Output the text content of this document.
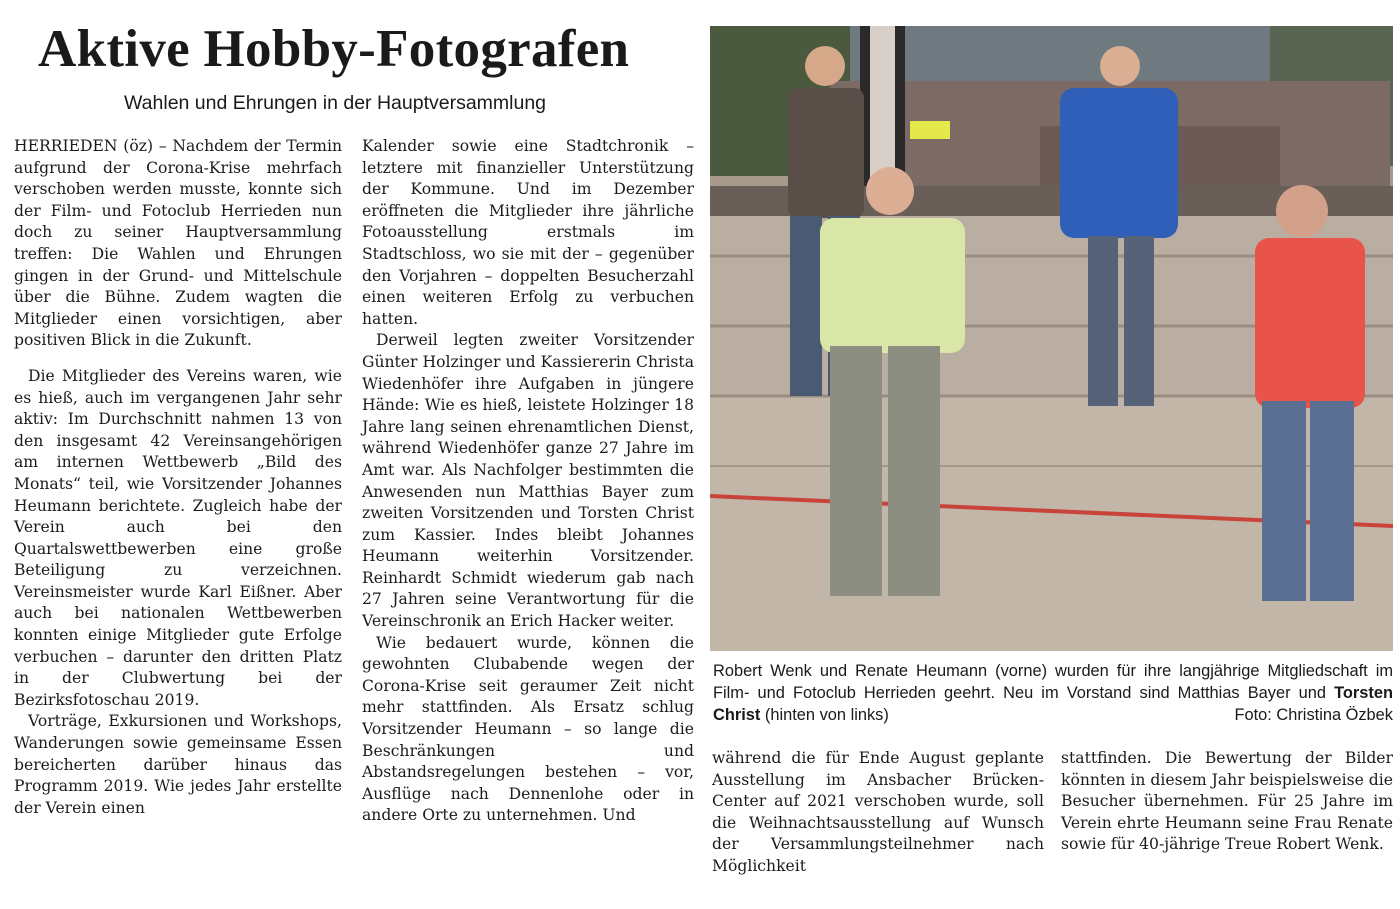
Aktive Hobby-Fotografen
Wahlen und Ehrungen in der Hauptversammlung

HERRIEDEN (öz) – Nachdem der Termin aufgrund der Corona-Krise mehrfach verschoben werden musste, konnte sich der Film- und Fotoclub Herrieden nun doch zu seiner Hauptversammlung treffen: Die Wahlen und Ehrungen gingen in der Grund- und Mittelschule über die Bühne. Zudem wagten die Mitglieder einen vorsichtigen, aber positiven Blick in die Zukunft.

Die Mitglieder des Vereins waren, wie es hieß, auch im vergangenen Jahr sehr aktiv: Im Durchschnitt nahmen 13 von den insgesamt 42 Vereinsangehörigen am internen Wettbewerb „Bild des Monats“ teil, wie Vorsitzender Johannes Heumann berichtete. Zugleich habe der Verein auch bei den Quartalswettbewerben eine große Beteiligung zu verzeichnen. Vereinsmeister wurde Karl Eißner. Aber auch bei nationalen Wettbewerben konnten einige Mitglieder gute Erfolge verbuchen – darunter den dritten Platz in der Clubwertung bei der Bezirksfotoschau 2019.

Vorträge, Exkursionen und Workshops, Wanderungen sowie gemeinsame Essen bereicherten darüber hinaus das Programm 2019. Wie jedes Jahr erstellte der Verein einen

Kalender sowie eine Stadtchronik – letztere mit finanzieller Unterstützung der Kommune. Und im Dezember eröffneten die Mitglieder ihre jährliche Fotoausstellung erstmals im Stadtschloss, wo sie mit der – gegenüber den Vorjahren – doppelten Besucherzahl einen weiteren Erfolg zu verbuchen hatten.

Derweil legten zweiter Vorsitzender Günter Holzinger und Kassiererin Christa Wiedenhöfer ihre Aufgaben in jüngere Hände: Wie es hieß, leistete Holzinger 18 Jahre lang seinen ehrenamtlichen Dienst, während Wiedenhöfer ganze 27 Jahre im Amt war. Als Nachfolger bestimmten die Anwesenden nun Matthias Bayer zum zweiten Vorsitzenden und Torsten Christ zum Kassier. Indes bleibt Johannes Heumann weiterhin Vorsitzender. Reinhardt Schmidt wiederum gab nach 27 Jahren seine Verantwortung für die Vereinschronik an Erich Hacker weiter.

Wie bedauert wurde, können die gewohnten Clubabende wegen der Corona-Krise seit geraumer Zeit nicht mehr stattfinden. Als Ersatz schlug Vorsitzender Heumann – so lange die Beschränkungen und Abstandsregelungen bestehen – vor, Ausflüge nach Dennenlohe oder in andere Orte zu unternehmen. Und

Robert Wenk und Renate Heumann (vorne) wurden für ihre langjährige Mitgliedschaft im Film- und Fotoclub Herrieden geehrt. Neu im Vorstand sind Matthias Bayer und Torsten Christ (hinten von links)	Foto: Christina Özbek

während die für Ende August geplante Ausstellung im Ansbacher Brücken-Center auf 2021 verschoben wurde, soll die Weihnachtsausstellung auf Wunsch der Versammlungsteilnehmer nach Möglichkeit

stattfinden. Die Bewertung der Bilder könnten in diesem Jahr beispielsweise die Besucher übernehmen. Für 25 Jahre im Verein ehrte Heumann seine Frau Renate sowie für 40-jährige Treue Robert Wenk.
